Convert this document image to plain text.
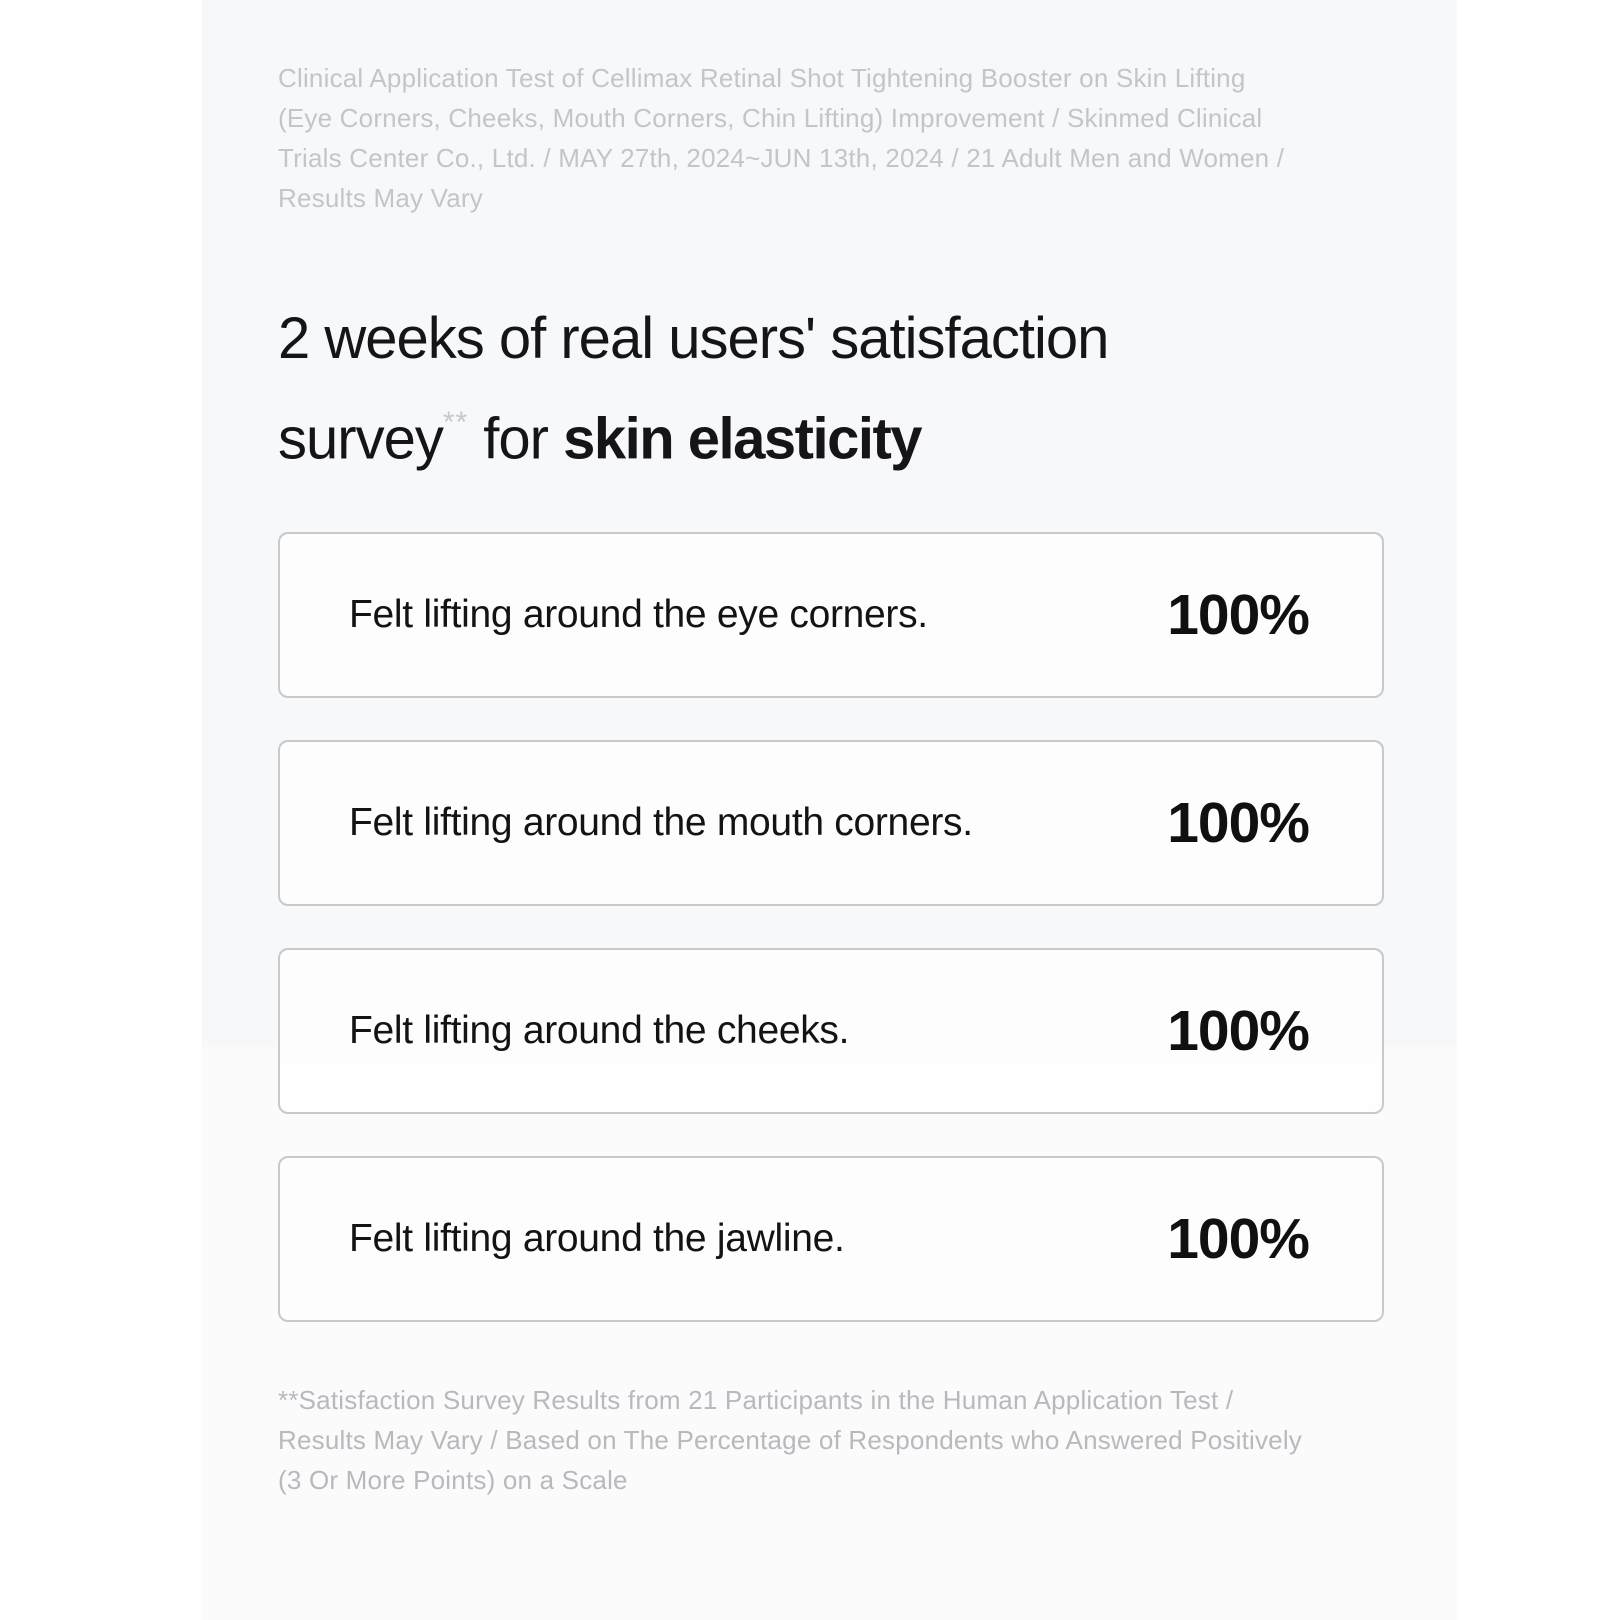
Clinical Application Test of Cellimax Retinal Shot Tightening Booster on Skin Lifting
(Eye Corners, Cheeks, Mouth Corners, Chin Lifting) Improvement / Skinmed Clinical
Trials Center Co., Ltd. / MAY 27th, 2024~JUN 13th, 2024 / 21 Adult Men and Women /
Results May Vary
2 weeks of real users' satisfaction
survey** for skin elasticity
Felt lifting around the eye corners.	100%
Felt lifting around the mouth corners.	100%
Felt lifting around the cheeks.	100%
Felt lifting around the jawline.	100%
**Satisfaction Survey Results from 21 Participants in the Human Application Test /
Results May Vary / Based on The Percentage of Respondents who Answered Positively
(3 Or More Points) on a Scale
